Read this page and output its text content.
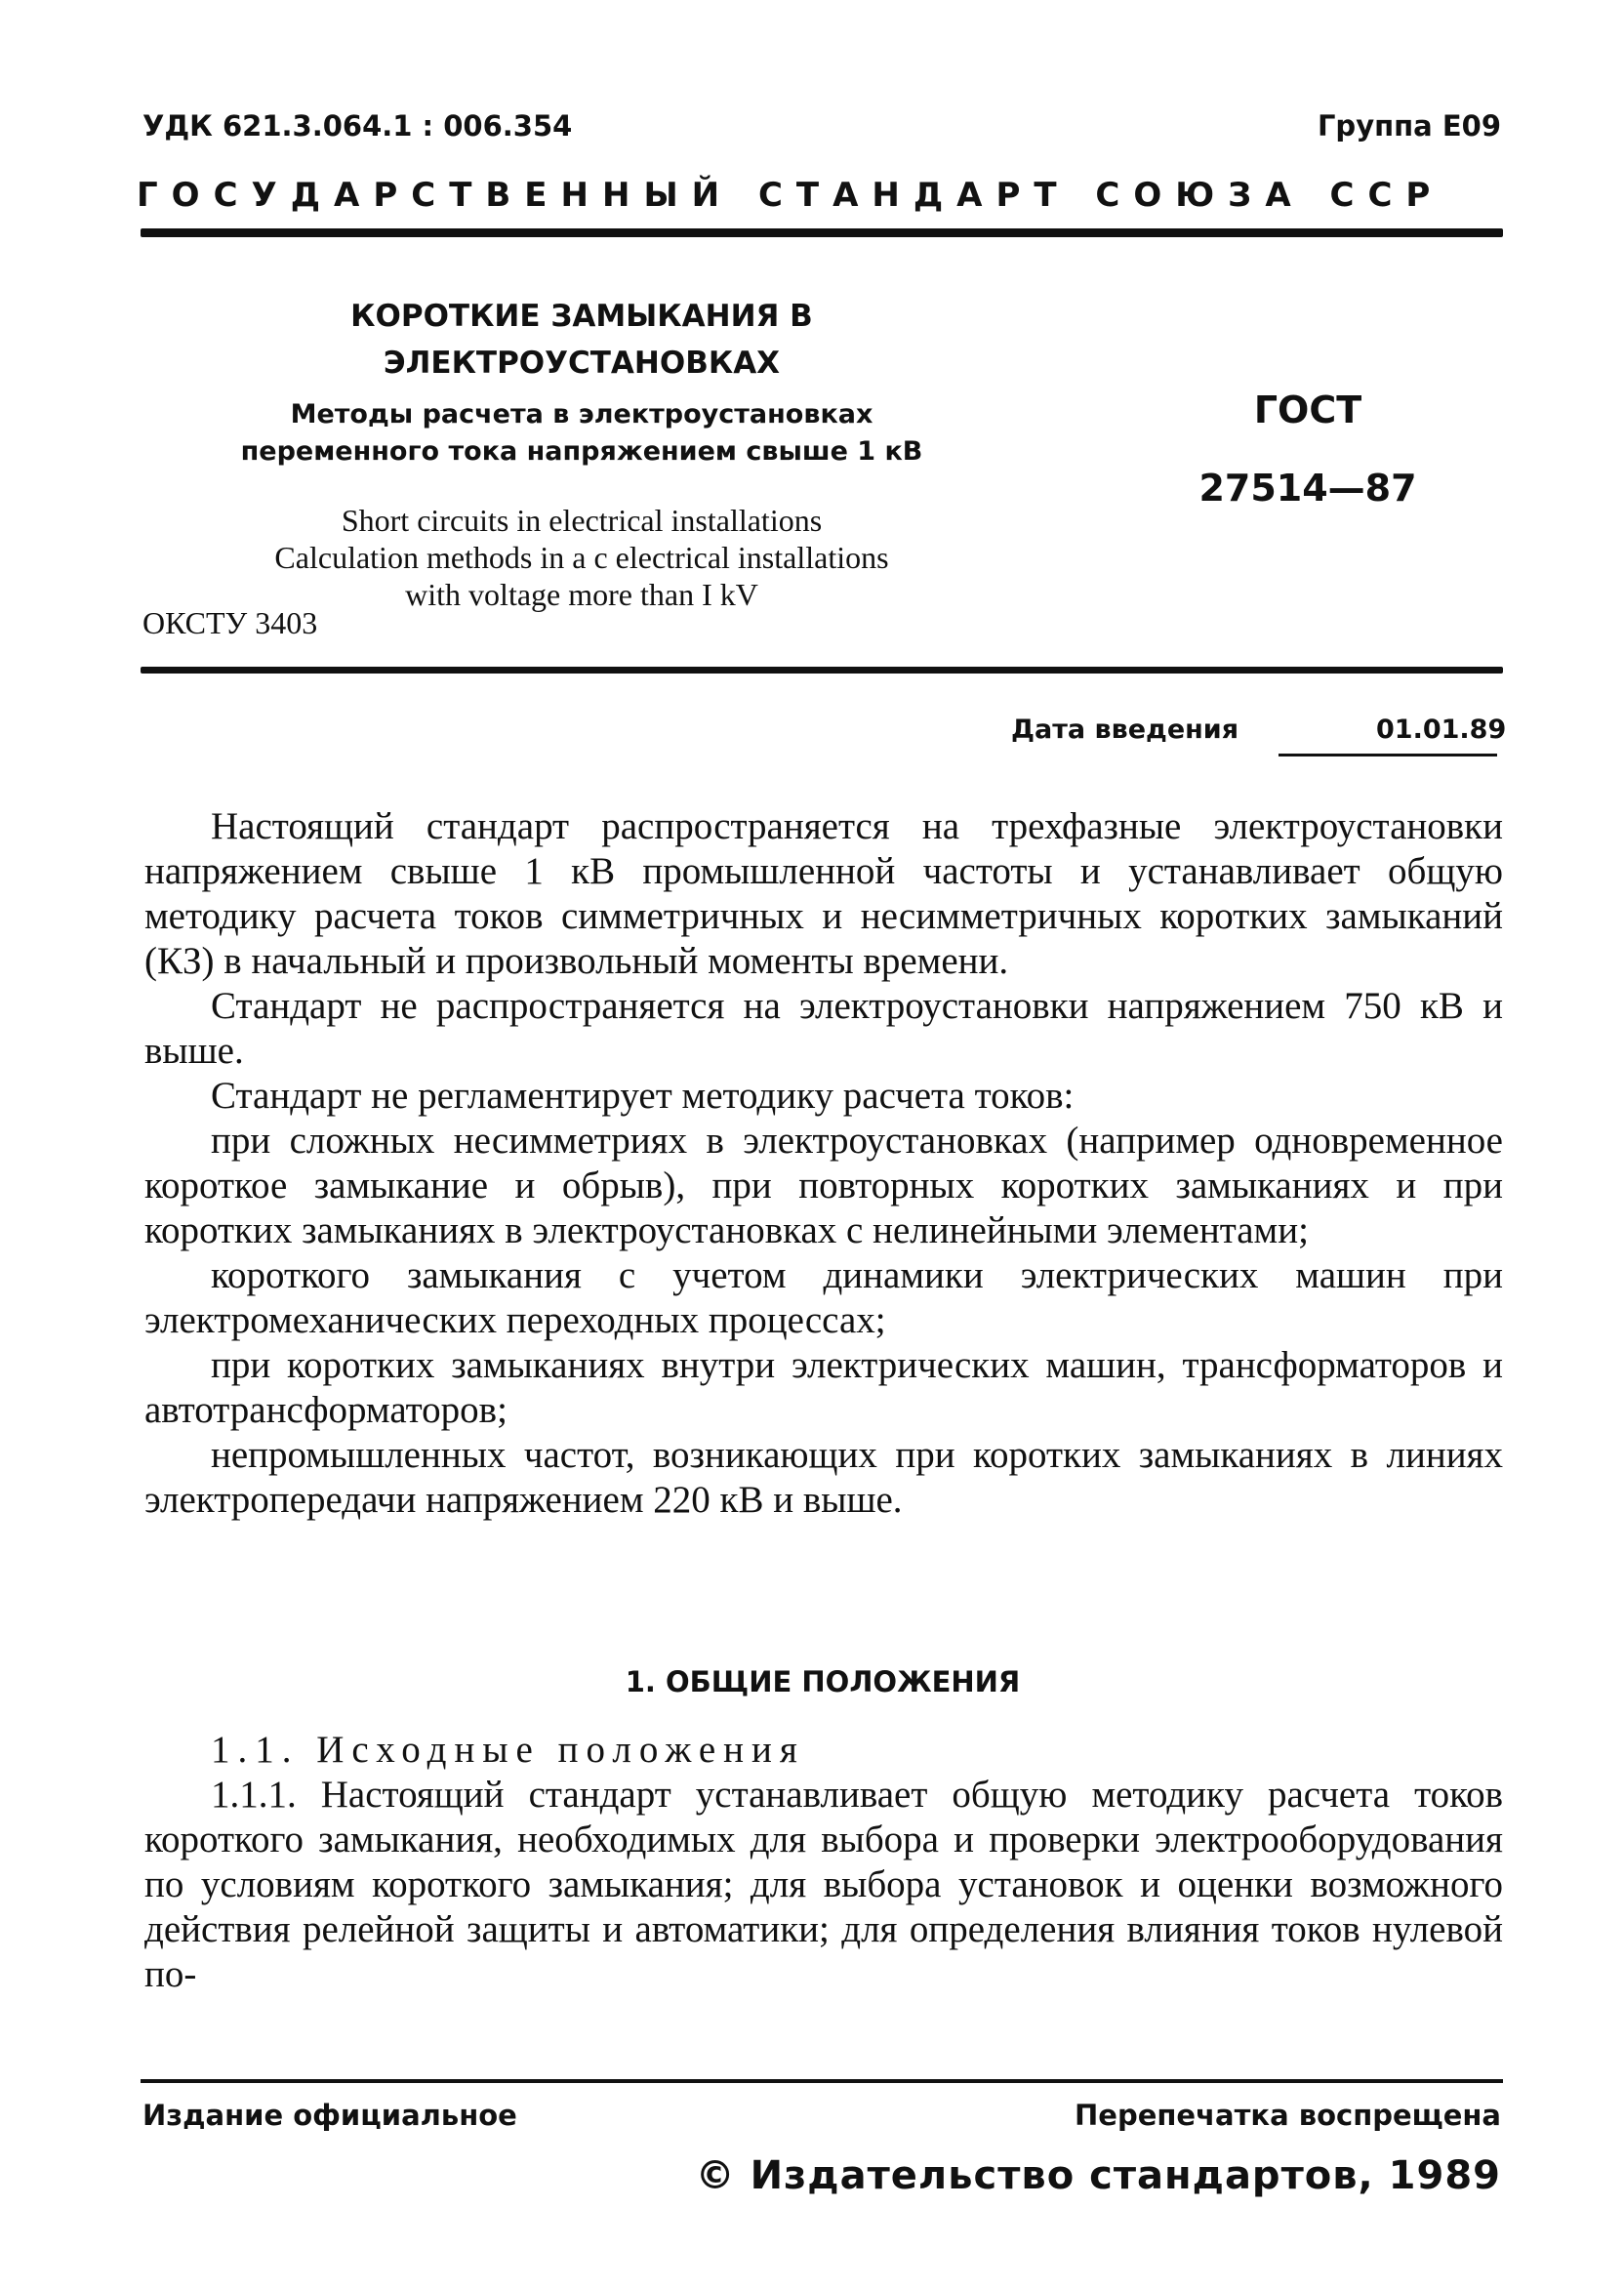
УДК 621.3.064.1 : 006.354	Группа Е09
ГОСУДАРСТВЕННЫЙ СТАНДАРТ СОЮЗА ССР
КОРОТКИЕ ЗАМЫКАНИЯ В
ЭЛЕКТРОУСТАНОВКАХ
Методы расчета в электроустановках
переменного тока напряжением свыше 1 кВ
Short circuits in electrical installations
Calculation methods in a c electrical installations
with voltage more than I kV
ОКСТУ 3403
ГОСТ
27514—87
Дата введения	01.01.89

Настоящий стандарт распространяется на трехфазные электроустановки напряжением свыше 1 кВ промышленной частоты и устанавливает общую методику расчета токов симметричных и несимметричных коротких замыканий (КЗ) в начальный и произвольный моменты времени.

Стандарт не распространяется на электроустановки напряжением 750 кВ и выше.

Стандарт не регламентирует методику расчета токов:

при сложных несимметриях в электроустановках (например одновременное короткое замыкание и обрыв), при повторных коротких замыканиях и при коротких замыканиях в электроустановках с нелинейными элементами;

короткого замыкания с учетом динамики электрических машин при электромеханических переходных процессах;

при коротких замыканиях внутри электрических машин, трансформаторов и автотрансформаторов;

непромышленных частот, возникающих при коротких замыканиях в линиях электропередачи напряжением 220 кВ и выше.

1. ОБЩИЕ ПОЛОЖЕНИЯ

1.1. Исходные положения

1.1.1. Настоящий стандарт устанавливает общую методику расчета токов короткого замыкания, необходимых для выбора и проверки электрооборудования по условиям короткого замыкания; для выбора установок и оценки возможного действия релейной защиты и автоматики; для определения влияния токов нулевой по-

Издание официальное	Перепечатка воспрещена
© Издательство стандартов, 1989
